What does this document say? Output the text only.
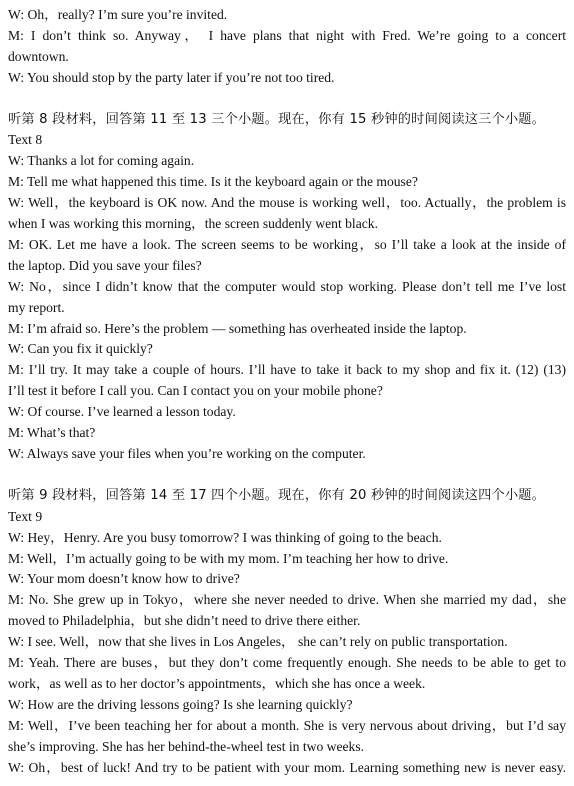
W: Oh，really? I’m sure you’re invited.
M: I don’t think so. Anyway， I have plans that night with Fred. We’re going to a concert
downtown.
W: You should stop by the party later if you’re not too tired.
听第 8 段材料，回答第 11 至 13 三个小题。现在，你有 15 秒钟的时间阅读这三个小题。
Text 8
W: Thanks a lot for coming again.
M: Tell me what happened this time. Is it the keyboard again or the mouse?
W: Well，the keyboard is OK now. And the mouse is working well，too. Actually，the problem is
when I was working this morning，the screen suddenly went black.
M: OK. Let me have a look. The screen seems to be working，so I’ll take a look at the inside of
the laptop. Did you save your files?
W: No，since I didn’t know that the computer would stop working. Please don’t tell me I’ve lost
my report.
M: I’m afraid so. Here’s the problem — something has overheated inside the laptop.
W: Can you fix it quickly?
M: I’ll try. It may take a couple of hours. I’ll have to take it back to my shop and fix it. (12) (13)
I’ll test it before I call you. Can I contact you on your mobile phone?
W: Of course. I’ve learned a lesson today.
M: What’s that?
W: Always save your files when you’re working on the computer.
听第 9 段材料，回答第 14 至 17 四个小题。现在，你有 20 秒钟的时间阅读这四个小题。
Text 9
W: Hey，Henry. Are you busy tomorrow? I was thinking of going to the beach.
M: Well，I’m actually going to be with my mom. I’m teaching her how to drive.
W: Your mom doesn’t know how to drive?
M: No. She grew up in Tokyo，where she never needed to drive. When she married my dad，she
moved to Philadelphia，but she didn’t need to drive there either.
W: I see. Well，now that she lives in Los Angeles， she can’t rely on public transportation.
M: Yeah. There are buses，but they don’t come frequently enough. She needs to be able to get to
work，as well as to her doctor’s appointments，which she has once a week.
W: How are the driving lessons going? Is she learning quickly?
M: Well，I’ve been teaching her for about a month. She is very nervous about driving，but I’d say
she’s improving. She has her behind-the-wheel test in two weeks.
W: Oh，best of luck! And try to be patient with your mom. Learning something new is never easy.
